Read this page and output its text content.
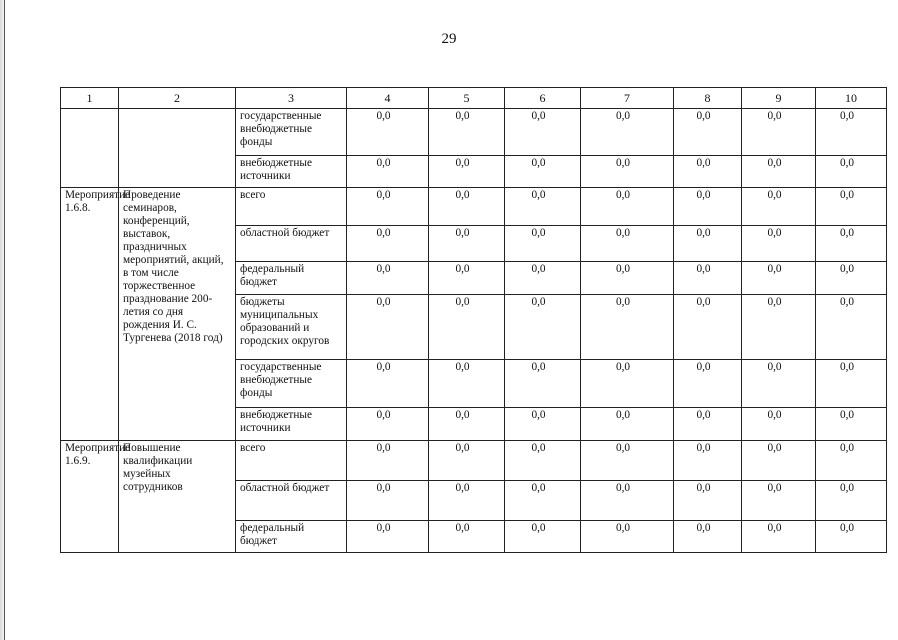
29
1	2	3	4	5	6	7	8	9	10
		государственные внебюджетные фонды	0,0	0,0	0,0	0,0	0,0	0,0	0,0
		внебюджетные источники	0,0	0,0	0,0	0,0	0,0	0,0	0,0
Мероприятие 1.6.8.	Проведение семинаров, конференций, выставок, праздничных мероприятий, акций, в том числе торжественное празднование 200-летия со дня рождения И. С. Тургенева (2018 год)	всего	0,0	0,0	0,0	0,0	0,0	0,0	0,0
		областной бюджет	0,0	0,0	0,0	0,0	0,0	0,0	0,0
		федеральный бюджет	0,0	0,0	0,0	0,0	0,0	0,0	0,0
		бюджеты муниципальных образований и городских округов	0,0	0,0	0,0	0,0	0,0	0,0	0,0
		государственные внебюджетные фонды	0,0	0,0	0,0	0,0	0,0	0,0	0,0
		внебюджетные источники	0,0	0,0	0,0	0,0	0,0	0,0	0,0
Мероприятие 1.6.9.	Повышение квалификации музейных сотрудников	всего	0,0	0,0	0,0	0,0	0,0	0,0	0,0
		областной бюджет	0,0	0,0	0,0	0,0	0,0	0,0	0,0
		федеральный бюджет	0,0	0,0	0,0	0,0	0,0	0,0	0,0
